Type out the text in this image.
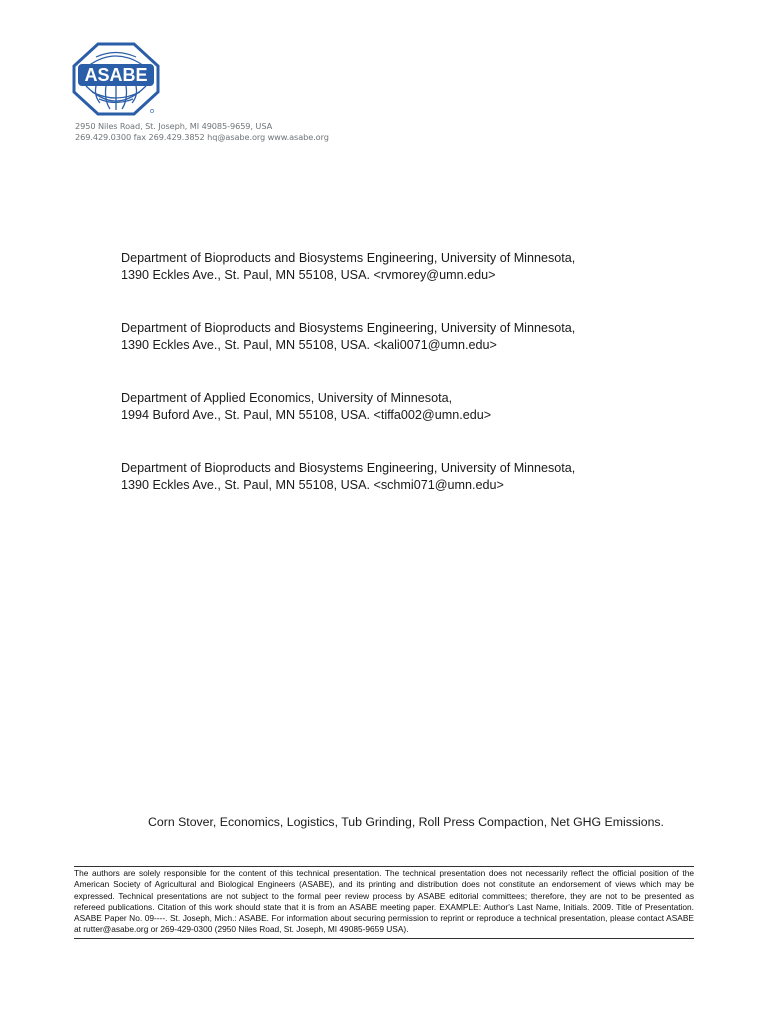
ASABE
2950 Niles Road, St. Joseph, MI 49085-9659, USA
269.429.0300 fax 269.429.3852 hq@asabe.org www.asabe.org
Department of Bioproducts and Biosystems Engineering, University of Minnesota,
1390 Eckles Ave., St. Paul, MN 55108, USA. <rvmorey@umn.edu>
Department of Bioproducts and Biosystems Engineering, University of Minnesota,
1390 Eckles Ave., St. Paul, MN 55108, USA. <kali0071@umn.edu>
Department of Applied Economics, University of Minnesota,
1994 Buford Ave., St. Paul, MN 55108, USA. <tiffa002@umn.edu>
Department of Bioproducts and Biosystems Engineering, University of Minnesota,
1390 Eckles Ave., St. Paul, MN 55108, USA. <schmi071@umn.edu>
Corn Stover, Economics, Logistics, Tub Grinding, Roll Press Compaction, Net GHG Emissions.

The authors are solely responsible for the content of this technical presentation. The technical presentation does not necessarily reflect the official position of the American Society of Agricultural and Biological Engineers (ASABE), and its printing and distribution does not constitute an endorsement of views which may be expressed. Technical presentations are not subject to the formal peer review process by ASABE editorial committees; therefore, they are not to be presented as refereed publications. Citation of this work should state that it is from an ASABE meeting paper. EXAMPLE: Author's Last Name, Initials. 2009. Title of Presentation. ASABE Paper No. 09----. St. Joseph, Mich.: ASABE. For information about securing permission to reprint or reproduce a technical presentation, please contact ASABE at rutter@asabe.org or 269-429-0300 (2950 Niles Road, St. Joseph, MI 49085-9659 USA).
